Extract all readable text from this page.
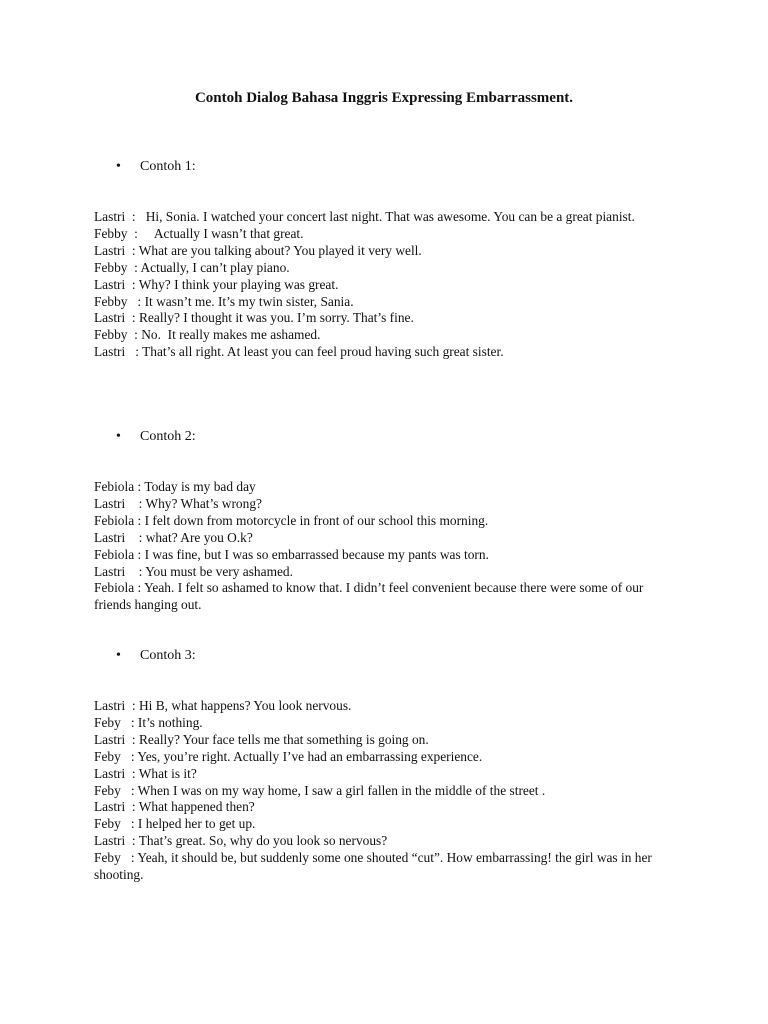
Contoh Dialog Bahasa Inggris Expressing Embarrassment.
• Contoh 1:
Lastri  :   Hi, Sonia. I watched your concert last night. That was awesome. You can be a great pianist.
Febby  :     Actually I wasn’t that great.
Lastri  : What are you talking about? You played it very well.
Febby  : Actually, I can’t play piano.
Lastri  : Why? I think your playing was great.
Febby   : It wasn’t me. It’s my twin sister, Sania.
Lastri  : Really? I thought it was you. I’m sorry. That’s fine.
Febby  : No.  It really makes me ashamed.
Lastri   : That’s all right. At least you can feel proud having such great sister.
• Contoh 2:
Febiola : Today is my bad day
Lastri    : Why? What’s wrong?
Febiola : I felt down from motorcycle in front of our school this morning.
Lastri    : what? Are you O.k?
Febiola : I was fine, but I was so embarrassed because my pants was torn.
Lastri    : You must be very ashamed.
Febiola : Yeah. I felt so ashamed to know that. I didn’t feel convenient because there were some of our friends hanging out.
• Contoh 3:
Lastri  : Hi B, what happens? You look nervous.
Feby   : It’s nothing.
Lastri  : Really? Your face tells me that something is going on.
Feby   : Yes, you’re right. Actually I’ve had an embarrassing experience.
Lastri  : What is it?
Feby   : When I was on my way home, I saw a girl fallen in the middle of the street .
Lastri  : What happened then?
Feby   : I helped her to get up.
Lastri  : That’s great. So, why do you look so nervous?
Feby   : Yeah, it should be, but suddenly some one shouted “cut”. How embarrassing! the girl was in her shooting.
